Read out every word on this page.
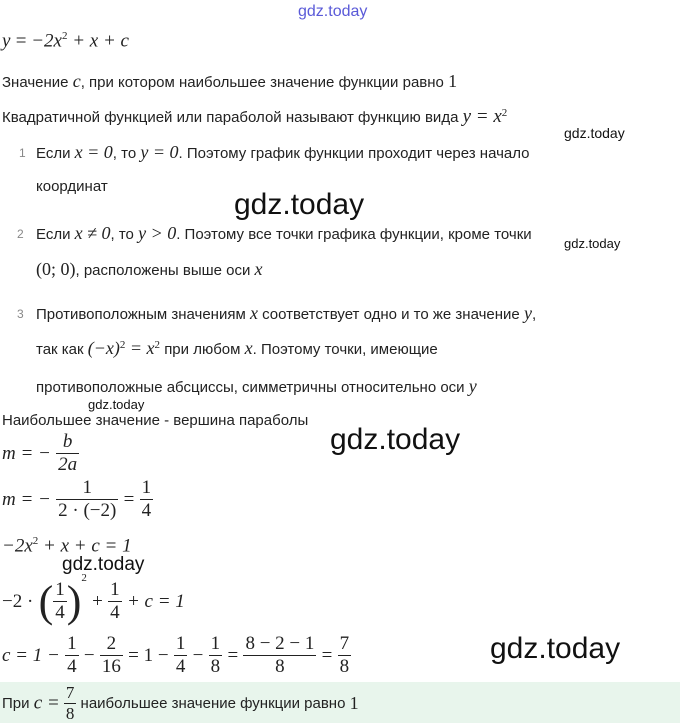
gdz.today
gdz.today
gdz.today
gdz.today
gdz.today
gdz.today
gdz.today
gdz.today
$y = -2x^2 + x + c$
Значение c, при котором наибольшее значение функции равно 1
Квадратичной функцией или параболой называют функцию вида $y = x^2$
1 Если x = 0, то y = 0. Поэтому график функции проходит через начало
координат
2 Если x ≠ 0, то y > 0. Поэтому все точки графика функции, кроме точки
(0; 0), расположены выше оси x
3 Противоположным значениям x соответствует одно и то же значение y,
так как $(-x)^2 = x^2$ при любом x. Поэтому точки, имеющие
противоположные абсциссы, симметричны относительно оси y
Наибольшее значение - вершина параболы
m = − $\frac{b}{2a}$
m = − $\frac{1}{2 \cdot (-2)} = \frac{1}{4}$
$-2x^2 + x + c = 1$
−2 · ( $\frac{1}{4} )^2 + \frac{1}{4} + c = 1$
$c = 1 - \frac{1}{4} - \frac{2}{16} = 1 - \frac{1}{4} - \frac{1}{8} = \frac{8 - 2 - 1}{8} = \frac{7}{8}$
При $c = \frac{7}{8}$ наибольшее значение функции равно 1
